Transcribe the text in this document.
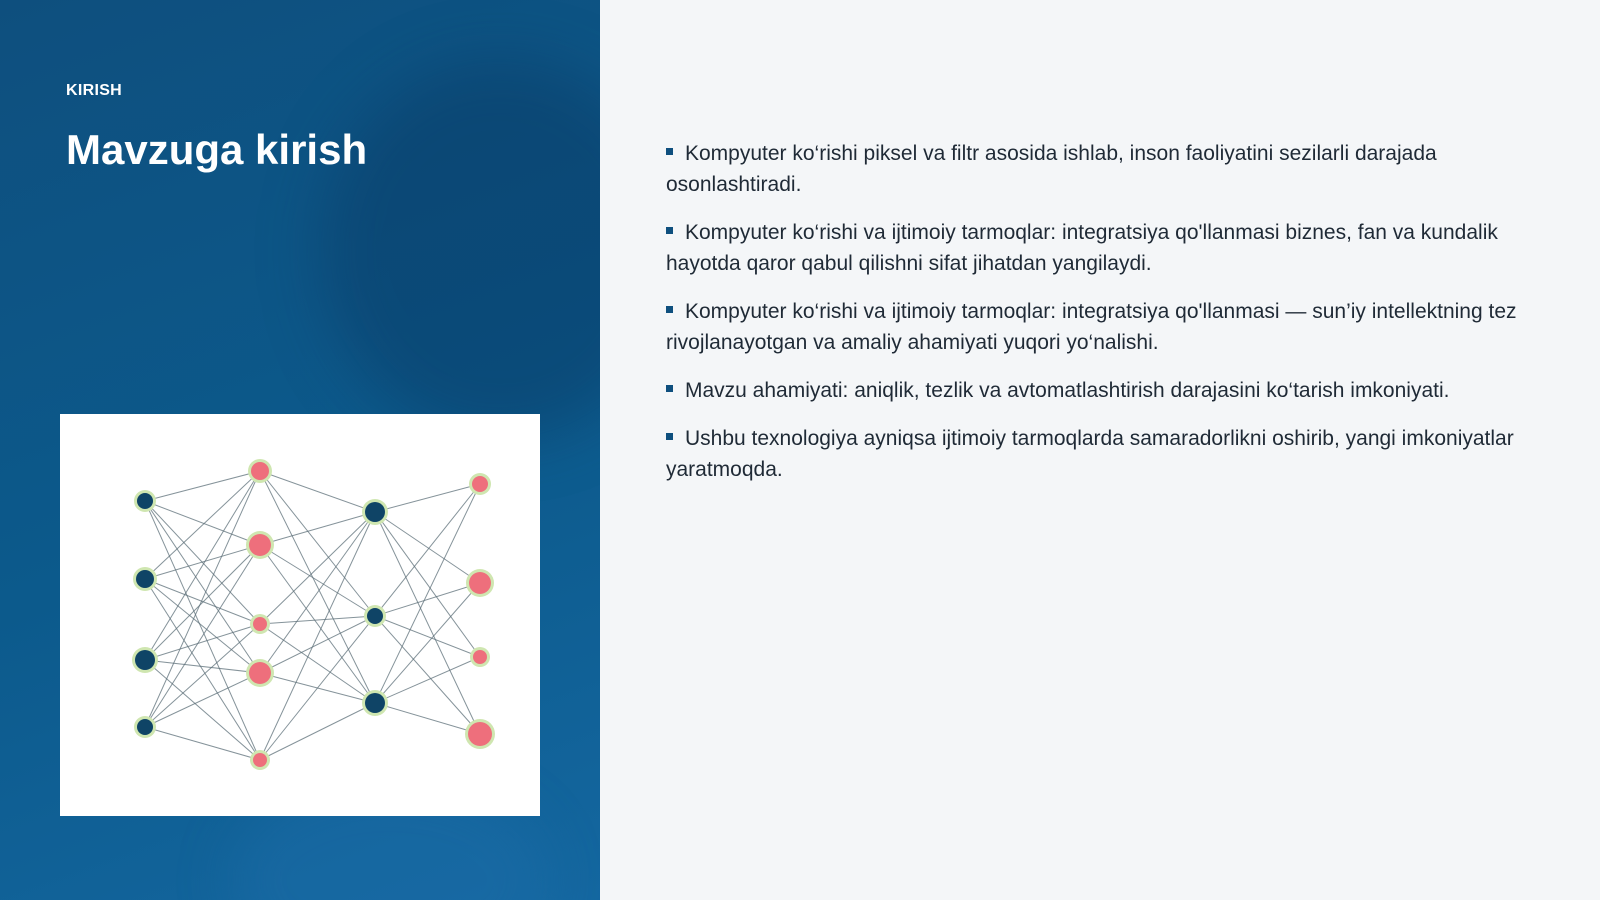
KIRISH
Mavzuga kirish	Kompyuter ko‘rishi piksel va filtr asosida ishlab, inson faoliyatini sezilarli darajada osonlashtiradi.
Kompyuter ko‘rishi va ijtimoiy tarmoqlar: integratsiya qo'llanmasi biznes, fan va kundalik hayotda qaror qabul qilishni sifat jihatdan yangilaydi.
Kompyuter ko‘rishi va ijtimoiy tarmoqlar: integratsiya qo'llanmasi — sun’iy intellektning tez rivojlanayotgan va amaliy ahamiyati yuqori yo‘nalishi.
Mavzu ahamiyati: aniqlik, tezlik va avtomatlashtirish darajasini ko‘tarish imkoniyati.
Ushbu texnologiya ayniqsa ijtimoiy tarmoqlarda samaradorlikni oshirib, yangi imkoniyatlar yaratmoqda.
